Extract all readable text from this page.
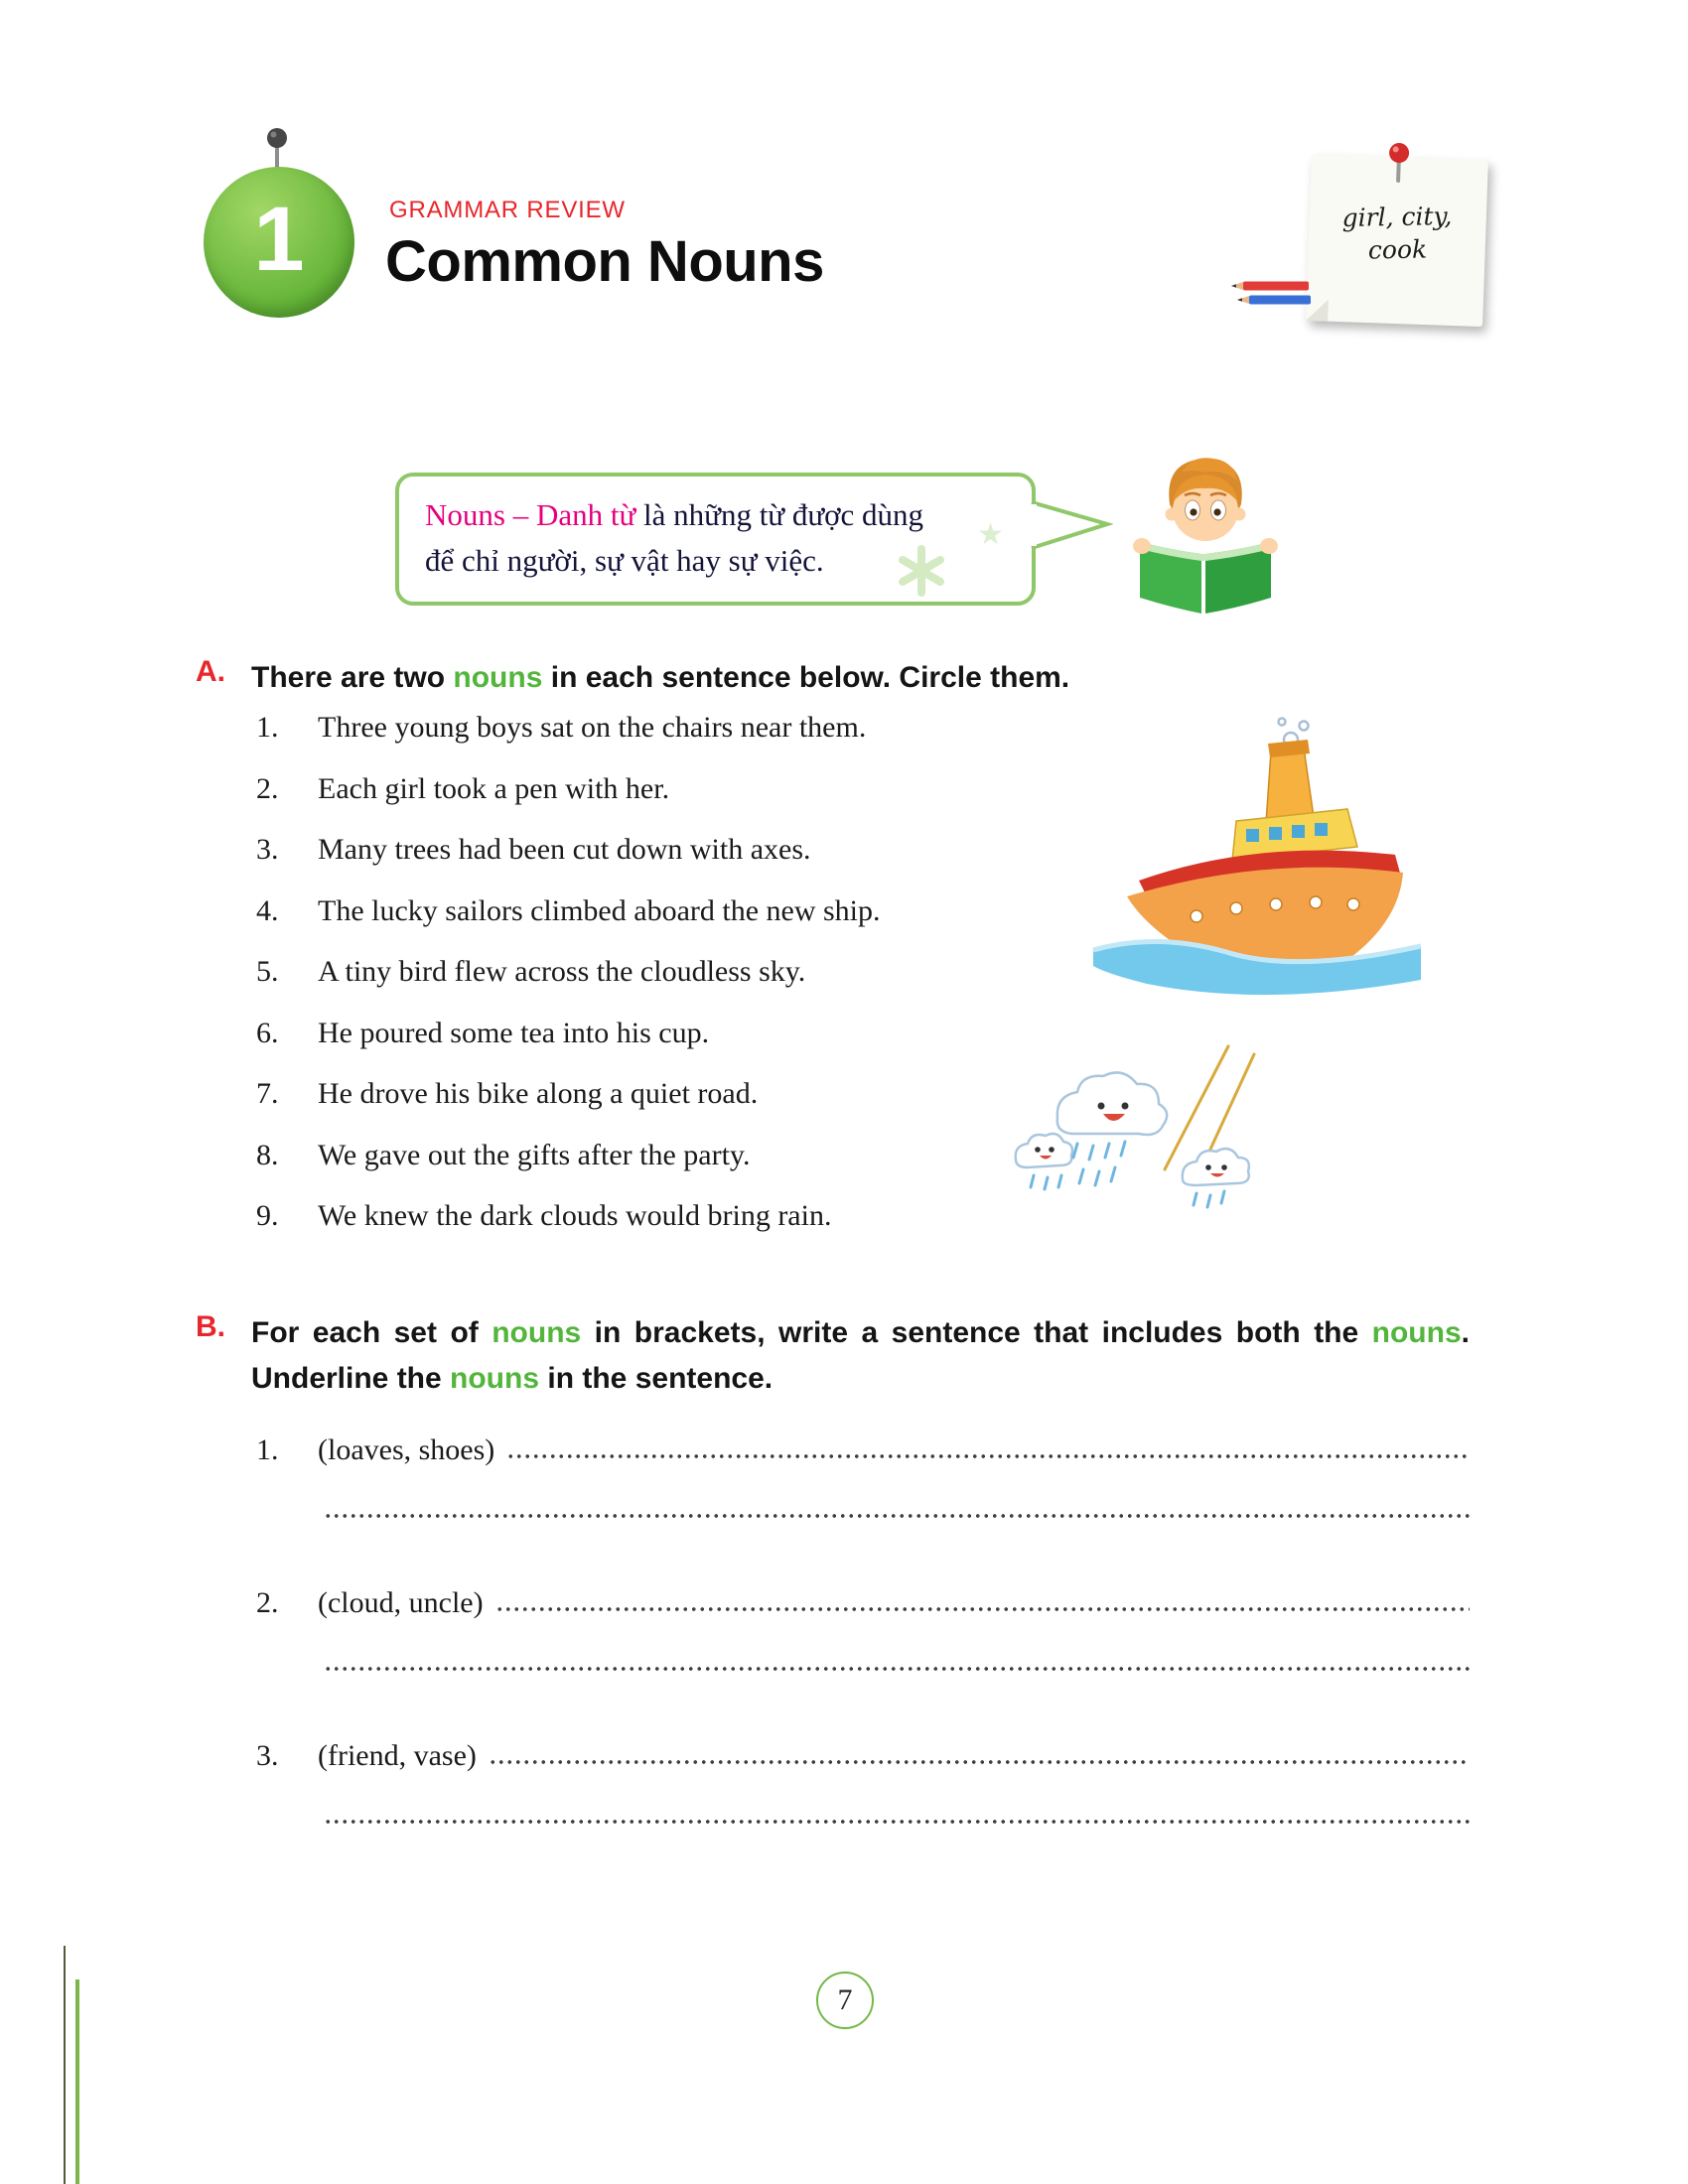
1	GRAMMAR REVIEW
Common Nouns
girl, city,
cook
★
Nouns – Danh từ là những từ được dùng
để chỉ người, sự vật hay sự việc.
A. There are two nouns in each sentence below. Circle them.
1.	Three young boys sat on the chairs near them.
2.	Each girl took a pen with her.
3.	Many trees had been cut down with axes.
4.	The lucky sailors climbed aboard the new ship.
5.	A tiny bird flew across the cloudless sky.
6.	He poured some tea into his cup.
7.	He drove his bike along a quiet road.
8.	We gave out the gifts after the party.
9.	We knew the dark clouds would bring rain.
B. For each set of nouns in brackets, write a sentence that includes both the nouns. Underline the nouns in the sentence.
1.	(loaves, shoes)
2.	(cloud, uncle)
3.	(friend, vase)
7
